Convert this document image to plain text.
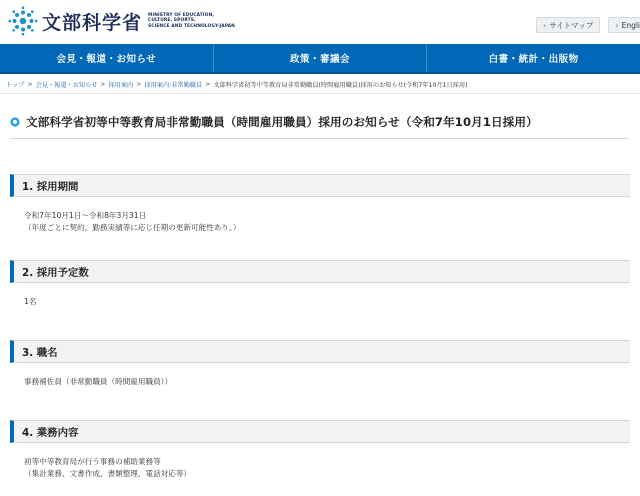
文部科学省 MINISTRY OF EDUCATION,
CULTURE, SPORTS,
SCIENCE AND TECHNOLOGY-JAPAN	› サイトマップ	› Engli
会見・報道・お知らせ	政策・審議会	白書・統計・出版物
トップ > 会見・報道・お知らせ > 採用案内 > 採用案内:非常勤職員 > 文部科学省初等中等教育局非常勤職員(時間雇用職員)採用のお知らせ(令和7年10月1日採用)
文部科学省初等中等教育局非常勤職員（時間雇用職員）採用のお知らせ（令和7年10月1日採用）
1. 採用期間

令和7年10月1日～令和8年3月31日

（年度ごとに契約。勤務実績等に応じ任期の更新可能性あり。）

2. 採用予定数

1名

3. 職名

事務補佐員（非常勤職員（時間雇用職員））

4. 業務内容

初等中等教育局が行う事務の補助業務等

（集計業務、文書作成、書類整理、電話対応等）
